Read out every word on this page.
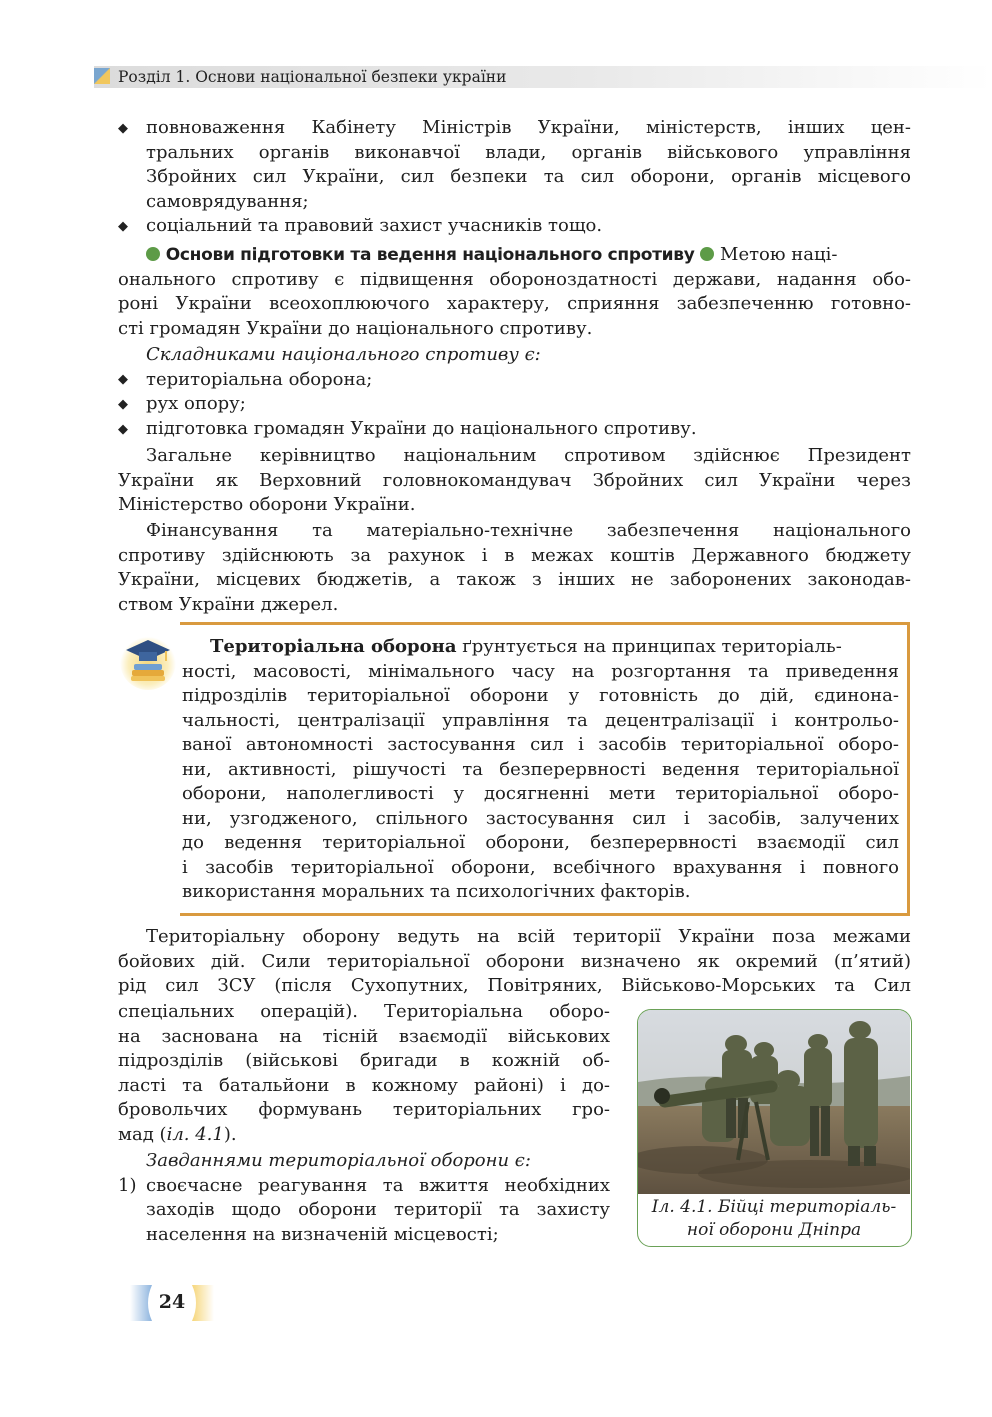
Розділ 1. Основи національної безпеки україни
◆ повноваження Кабінету Міністрів України, міністерств, інших цен-

тральних органів виконавчої влади, органів військового управління

Збройних сил України, сил безпеки та сил оборони, органів місцевого

самоврядування;

◆ соціальний та правовий захист учасників тощо.

Основи підготовки та ведення національного спротиву Метою наці-

онального спротиву є підвищення обороноздатності держави, надання обо-

роні України всеохоплюючого характеру, сприяння забезпеченню готовно-

сті громадян України до національного спротиву.

Складниками національного спротиву є:

◆ територіальна оборона;

◆ рух опору;

◆ підготовка громадян України до національного спротиву.

Загальне керівництво національним спротивом здійснює Президент

України як Верховний головнокомандувач Збройних сил України через

Міністерство оборони України.

Фінансування та матеріально-технічне забезпечення національного

спротиву здійснюють за рахунок і в межах коштів Державного бюджету

України, місцевих бюджетів, а також з інших не заборонених законодав-

ством України джерел.

Територіальна оборона ґрунтується на принципах територіаль-

ності, масовості, мінімального часу на розгортання та приведення

підрозділів територіальної оборони у готовність до дій, єдинона-

чальності, централізації управління та децентралізації і контрольо-

ваної автономності застосування сил і засобів територіальної оборо-

ни, активності, рішучості та безперервності ведення територіальної

оборони, наполегливості у досягненні мети територіальної оборо-

ни, узгодженого, спільного застосування сил і засобів, залучених

до ведення територіальної оборони, безперервності взаємодії сил

і засобів територіальної оборони, всебічного врахування і повного

використання моральних та психологічних факторів.

Територіальну оборону ведуть на всій території України поза межами

бойових дій. Сили територіальної оборони визначено як окремий (п’ятий)

рід сил ЗСУ (після Сухопутних, Повітряних, Військово-Морських та Сил

спеціальних операцій). Територіальна оборо-

на заснована на тісній взаємодії військових

підрозділів (військові бригади в кожній об-

ласті та батальйони в кожному районі) і до-

бровольчих формувань територіальних гро-

мад (іл. 4.1).

Завданнями територіальної оборони є:

1) своєчасне реагування та вжиття необхідних

заходів щодо оборони території та захисту

населення на визначеній місцевості;

Іл. 4.1. Бійці територіаль-
ної оборони Дніпра
24
